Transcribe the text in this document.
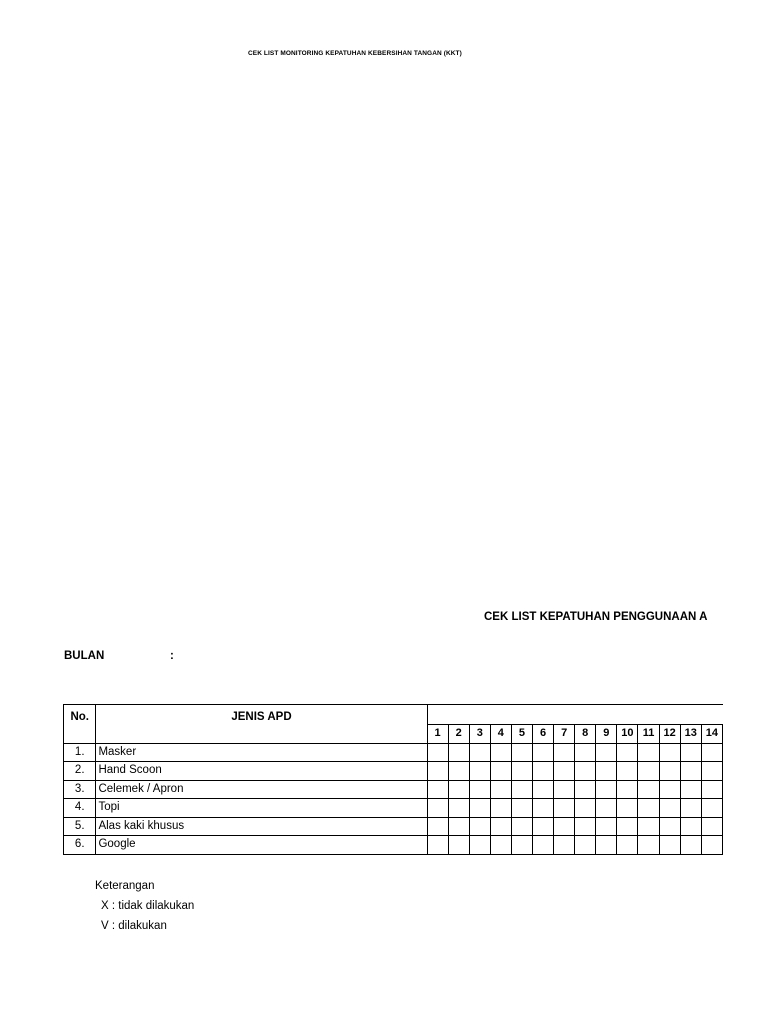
CEK LIST MONITORING KEPATUHAN KEBERSIHAN TANGAN (KKT)
CEK LIST KEPATUHAN PENGGUNAAN A
BULAN	:
No.	JENIS APD														
		1	2	3	4	5	6	7	8	9	10	11	12	13	14
1.	Masker														
2.	Hand Scoon														
3.	Celemek / Apron														
4.	Topi														
5.	Alas kaki khusus														
6.	Google														
Keterangan
X : tidak dilakukan
V : dilakukan
